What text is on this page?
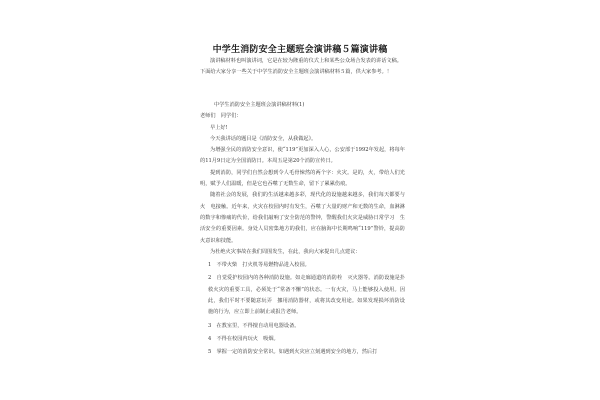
中学生消防安全主题班会演讲稿５篇演讲稿

演讲稿材料也叫演讲词，它是在较为隆重的仪式上和某些公众场合发表的讲话文稿。下面给大家分享一些关于中学生消防安全主题班会演讲稿材料５篇，供大家参考。！

中学生消防安全主题班会演讲稿材料(1)

老师们　同学们：

早上好!

今天我讲话的题目是《消防安全，从我做起》。

为增强全民的消防安全意识，使“119”更加深入人心，公安部于1992年发起，将每年的11月9日定为全国消防日。本周五是第20个消防宣传日。

提到消防，同学们自然会想到令人毛骨悚然的两个字：火灾。是的，火，带给人们光明，赋予人们温暖，但是它也吞噬了无数生命，留下了累累伤痕。

随着社会的发展，我们的生活越来越多彩，现代化的设施越来越多，我们每天都要与火　电接触。近年来，火灾在校园内时有发生，吞噬了大量的财产和无数的生命，血淋淋的数字和惨痛的代价，给我们敲响了安全防范的警钟，警醒我们火灾是威胁日常学习　生活安全的重要因素。身处人员密集地方的我们，应在脑海中长期鸣响“119”警铃，提高防火意识和技能。

为杜绝火灾事故在我们周围发生，在此，我向大家提出几点建议：

1　不带火柴　打火机等易燃物品进入校园。

2　自觉爱护校园内的各种消防设施。如走廊通道的消防栓　灭火器等。消防设施是扑救火灾的重要工具，必须处于“常备不懈”的状态。一有火灾，马上能够投入使用。因此，我们平时不要随意玩弄　挪用消防器材，或将其改变用途。如果发现损坏消防设施的行为，应立即上前制止或报告老师。

3　在教室里，不得擅自动用电器设备。

4　不得在校园内玩火　吸烟。

5　掌握一定的消防安全常识。如遇到火灾应立刻遇到安全的地方，然后打
